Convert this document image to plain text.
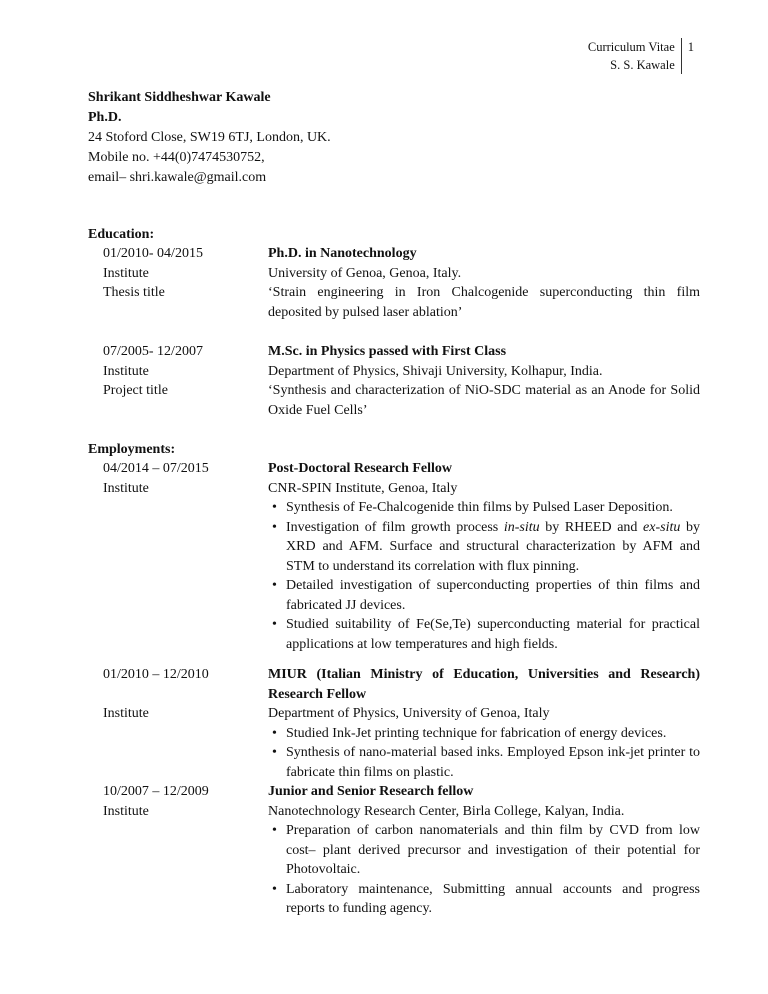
Curriculum Vitae
S. S. Kawale
1
Shrikant Siddheshwar Kawale
Ph.D.
24 Stoford Close, SW19 6TJ, London, UK.
Mobile no. +44(0)7474530752,
email– shri.kawale@gmail.com
Education:
01/2010- 04/2015
Institute
Thesis title
Ph.D. in Nanotechnology
University of Genoa, Genoa, Italy.
‘Strain engineering in Iron Chalcogenide superconducting thin film deposited by pulsed laser ablation’
07/2005- 12/2007
Institute
Project title
M.Sc. in Physics passed with First Class
Department of Physics, Shivaji University, Kolhapur, India.
‘Synthesis and characterization of NiO-SDC material as an Anode for Solid Oxide Fuel Cells’
Employments:
04/2014 – 07/2015
Institute
Post-Doctoral Research Fellow
CNR-SPIN Institute, Genoa, Italy
• Synthesis of Fe-Chalcogenide thin films by Pulsed Laser Deposition.
• Investigation of film growth process in-situ by RHEED and ex-situ by XRD and AFM. Surface and structural characterization by AFM and STM to understand its correlation with flux pinning.
• Detailed investigation of superconducting properties of thin films and fabricated JJ devices.
• Studied suitability of Fe(Se,Te) superconducting material for practical applications at low temperatures and high fields.
01/2010 – 12/2010
Institute
MIUR (Italian Ministry of Education, Universities and Research)
Research Fellow
Department of Physics, University of Genoa, Italy
• Studied Ink-Jet printing technique for fabrication of energy devices.
• Synthesis of nano-material based inks. Employed Epson ink-jet printer to fabricate thin films on plastic.
Junior and Senior Research fellow
Nanotechnology Research Center, Birla College, Kalyan, India.
• Preparation of carbon nanomaterials and thin film by CVD from low cost– plant derived precursor and investigation of their potential for Photovoltaic.
• Laboratory maintenance, Submitting annual accounts and progress reports to funding agency.
10/2007 – 12/2009
Institute
